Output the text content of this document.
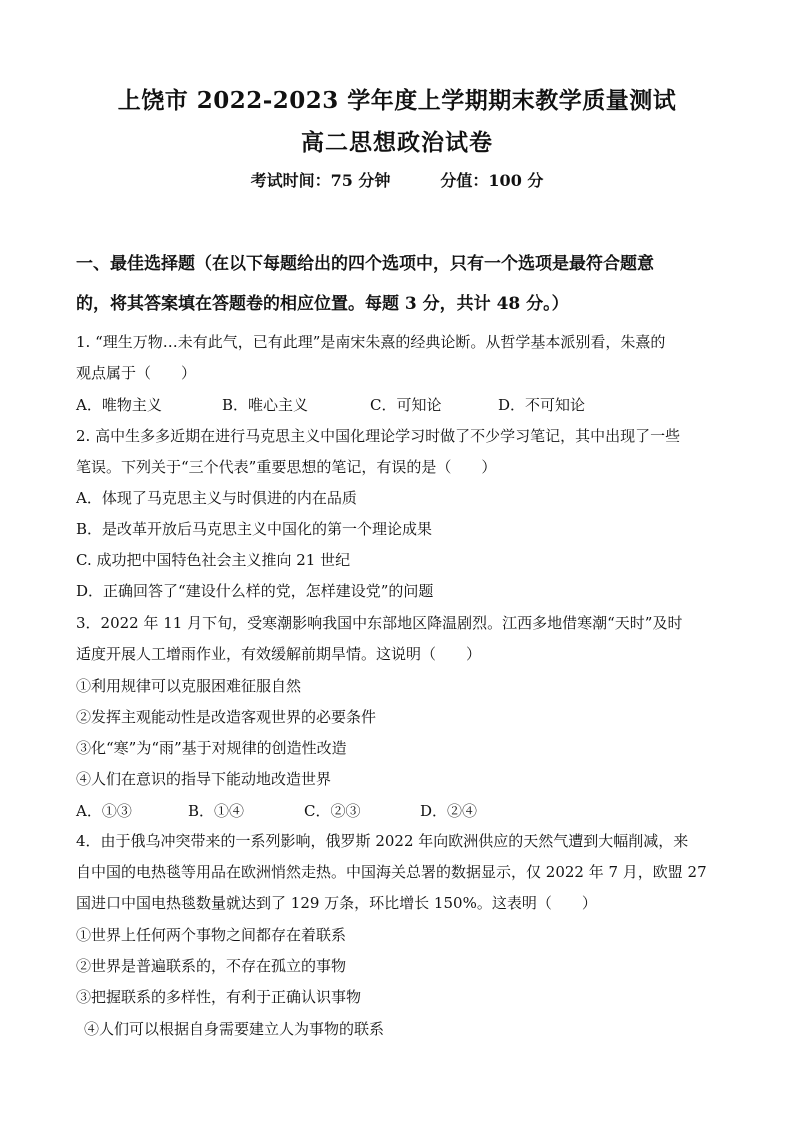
上饶市 2022-2023 学年度上学期期末教学质量测试
高二思想政治试卷
考试时间：75 分钟	分值：100 分
一、最佳选择题（在以下每题给出的四个选项中，只有一个选项是最符合题意
的，将其答案填在答题卷的相应位置。每题 3 分，共计 48 分。）
1. “理生万物…未有此气，已有此理”是南宋朱熹的经典论断。从哲学基本派别看，朱熹的
观点属于（　　）
A．唯物主义	B．唯心主义	C．可知论	D．不可知论
2. 高中生多多近期在进行马克思主义中国化理论学习时做了不少学习笔记，其中出现了一些
笔误。下列关于“三个代表”重要思想的笔记，有误的是（　　）
A．体现了马克思主义与时俱进的内在品质
B．是改革开放后马克思主义中国化的第一个理论成果
C. 成功把中国特色社会主义推向 21 世纪
D．正确回答了“建设什么样的党，怎样建设党”的问题
3．2022 年 11 月下旬，受寒潮影响我国中东部地区降温剧烈。江西多地借寒潮“天时”及时
适度开展人工增雨作业，有效缓解前期旱情。这说明（　　）
①利用规律可以克服困难征服自然
②发挥主观能动性是改造客观世界的必要条件
③化“寒”为“雨”基于对规律的创造性改造
④人们在意识的指导下能动地改造世界
A．①③	B．①④	C．②③	D．②④
4．由于俄乌冲突带来的一系列影响，俄罗斯 2022 年向欧洲供应的天然气遭到大幅削减，来
自中国的电热毯等用品在欧洲悄然走热。中国海关总署的数据显示，仅 2022 年 7 月，欧盟 27
国进口中国电热毯数量就达到了 129 万条，环比增长 150%。这表明（　　）
①世界上任何两个事物之间都存在着联系
②世界是普遍联系的，不存在孤立的事物
③把握联系的多样性，有利于正确认识事物
④人们可以根据自身需要建立人为事物的联系
